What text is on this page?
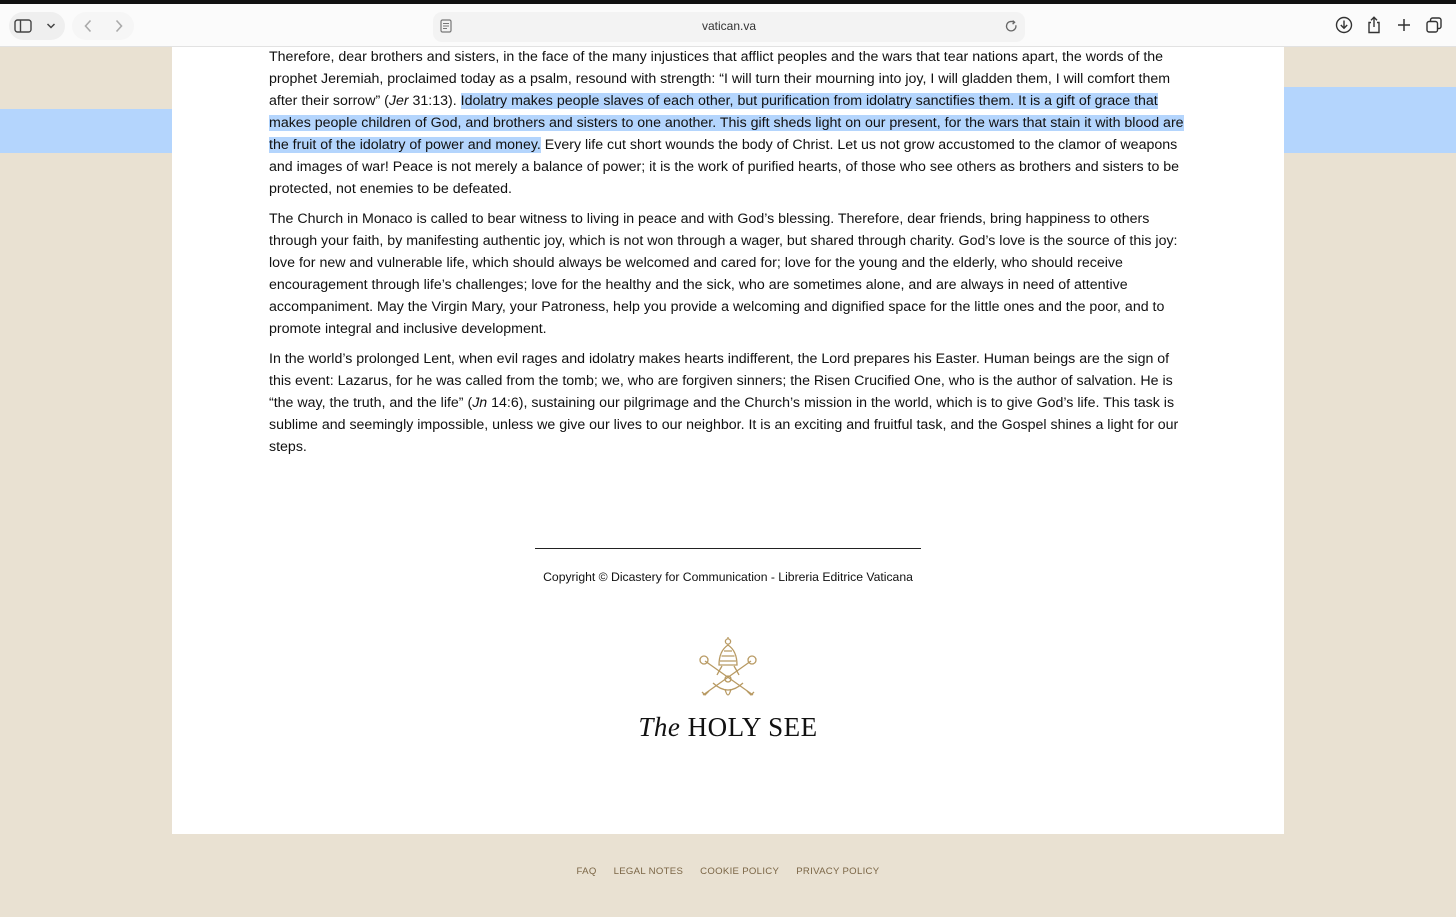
vatican.va

Therefore, dear brothers and sisters, in the face of the many injustices that afflict peoples and the wars that tear nations apart, the words of the prophet Jeremiah, proclaimed today as a psalm, resound with strength: “I will turn their mourning into joy, I will gladden them, I will comfort them after their sorrow” (Jer 31:13). Idolatry makes people slaves of each other, but purification from idolatry sanctifies them. It is a gift of grace that makes people children of God, and brothers and sisters to one another. This gift sheds light on our present, for the wars that stain it with blood are the fruit of the idolatry of power and money. Every life cut short wounds the body of Christ. Let us not grow accustomed to the clamor of weapons and images of war! Peace is not merely a balance of power; it is the work of purified hearts, of those who see others as brothers and sisters to be protected, not enemies to be defeated.

The Church in Monaco is called to bear witness to living in peace and with God’s blessing. Therefore, dear friends, bring happiness to others through your faith, by manifesting authentic joy, which is not won through a wager, but shared through charity. God’s love is the source of this joy: love for new and vulnerable life, which should always be welcomed and cared for; love for the young and the elderly, who should receive encouragement through life’s challenges; love for the healthy and the sick, who are sometimes alone, and are always in need of attentive accompaniment. May the Virgin Mary, your Patroness, help you provide a welcoming and dignified space for the little ones and the poor, and to promote integral and inclusive development.

In the world’s prolonged Lent, when evil rages and idolatry makes hearts indifferent, the Lord prepares his Easter. Human beings are the sign of this event: Lazarus, for he was called from the tomb; we, who are forgiven sinners; the Risen Crucified One, who is the author of salvation. He is “the way, the truth, and the life” (Jn 14:6), sustaining our pilgrimage and the Church’s mission in the world, which is to give God’s life. This task is sublime and seemingly impossible, unless we give our lives to our neighbor. It is an exciting and fruitful task, and the Gospel shines a light for our steps.

Copyright © Dicastery for Communication - Libreria Editrice Vaticana
The HOLY SEE
FAQ LEGAL NOTES COOKIE POLICY PRIVACY POLICY
